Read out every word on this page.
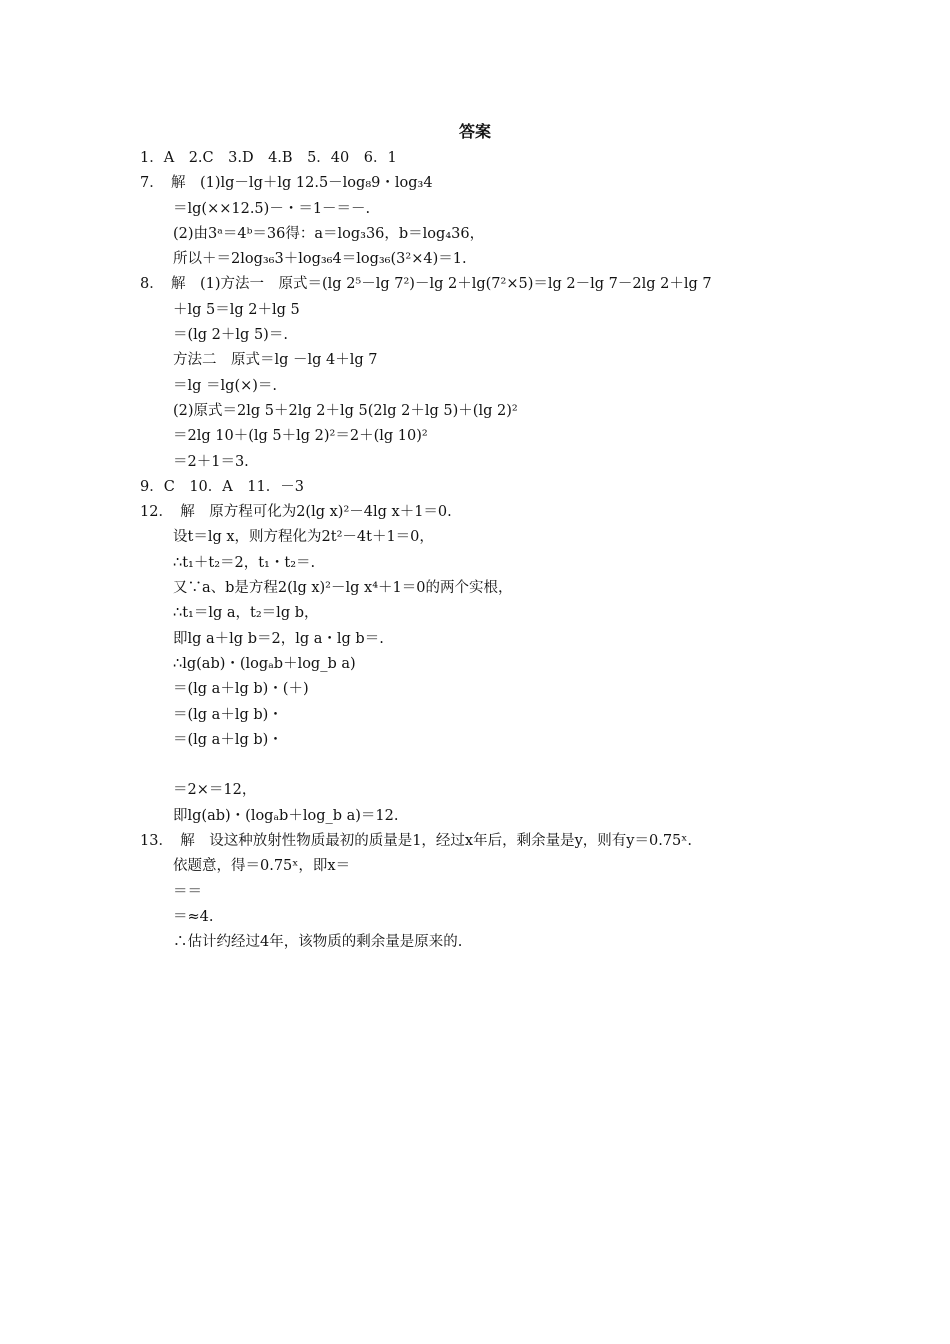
答案
1．A　2.C　3.D　4.B　5．40　6．1
7．　解　(1)lg－lg＋lg 12.5－log₈9・log₃4
＝lg(××12.5)－・＝1－＝－.
(2)由3ᵃ＝4ᵇ＝36得：a＝log₃36，b＝log₄36，
所以＋＝2log₃₆3＋log₃₆4＝log₃₆(3²×4)＝1.
8．　解　(1)方法一　原式＝(lg 2⁵－lg 7²)－lg 2＋lg(7²×5)＝lg 2－lg 7－2lg 2＋lg 7
＋lg 5＝lg 2＋lg 5
＝(lg 2＋lg 5)＝.
方法二　原式＝lg －lg 4＋lg 7
＝lg ＝lg(×)＝.
(2)原式＝2lg 5＋2lg 2＋lg 5(2lg 2＋lg 5)＋(lg 2)²
＝2lg 10＋(lg 5＋lg 2)²＝2＋(lg 10)²
＝2＋1＝3.
9．C　10．A　11．－3
12．　解　原方程可化为2(lg x)²－4lg x＋1＝0.
设t＝lg x，则方程化为2t²－4t＋1＝0，
∴t₁＋t₂＝2，t₁・t₂＝.
又∵a、b是方程2(lg x)²－lg x⁴＋1＝0的两个实根，
∴t₁＝lg a，t₂＝lg b，
即lg a＋lg b＝2，lg a・lg b＝.
∴lg(ab)・(logₐb＋log_b a)
＝(lg a＋lg b)・(＋)
＝(lg a＋lg b)・
＝(lg a＋lg b)・
＝2×＝12，
即lg(ab)・(logₐb＋log_b a)＝12.
13．　解　设这种放射性物质最初的质量是1，经过x年后，剩余量是y，则有y＝0.75ˣ.
依题意，得＝0.75ˣ，即x＝
＝＝
＝≈4.
∴估计约经过4年，该物质的剩余量是原来的.
